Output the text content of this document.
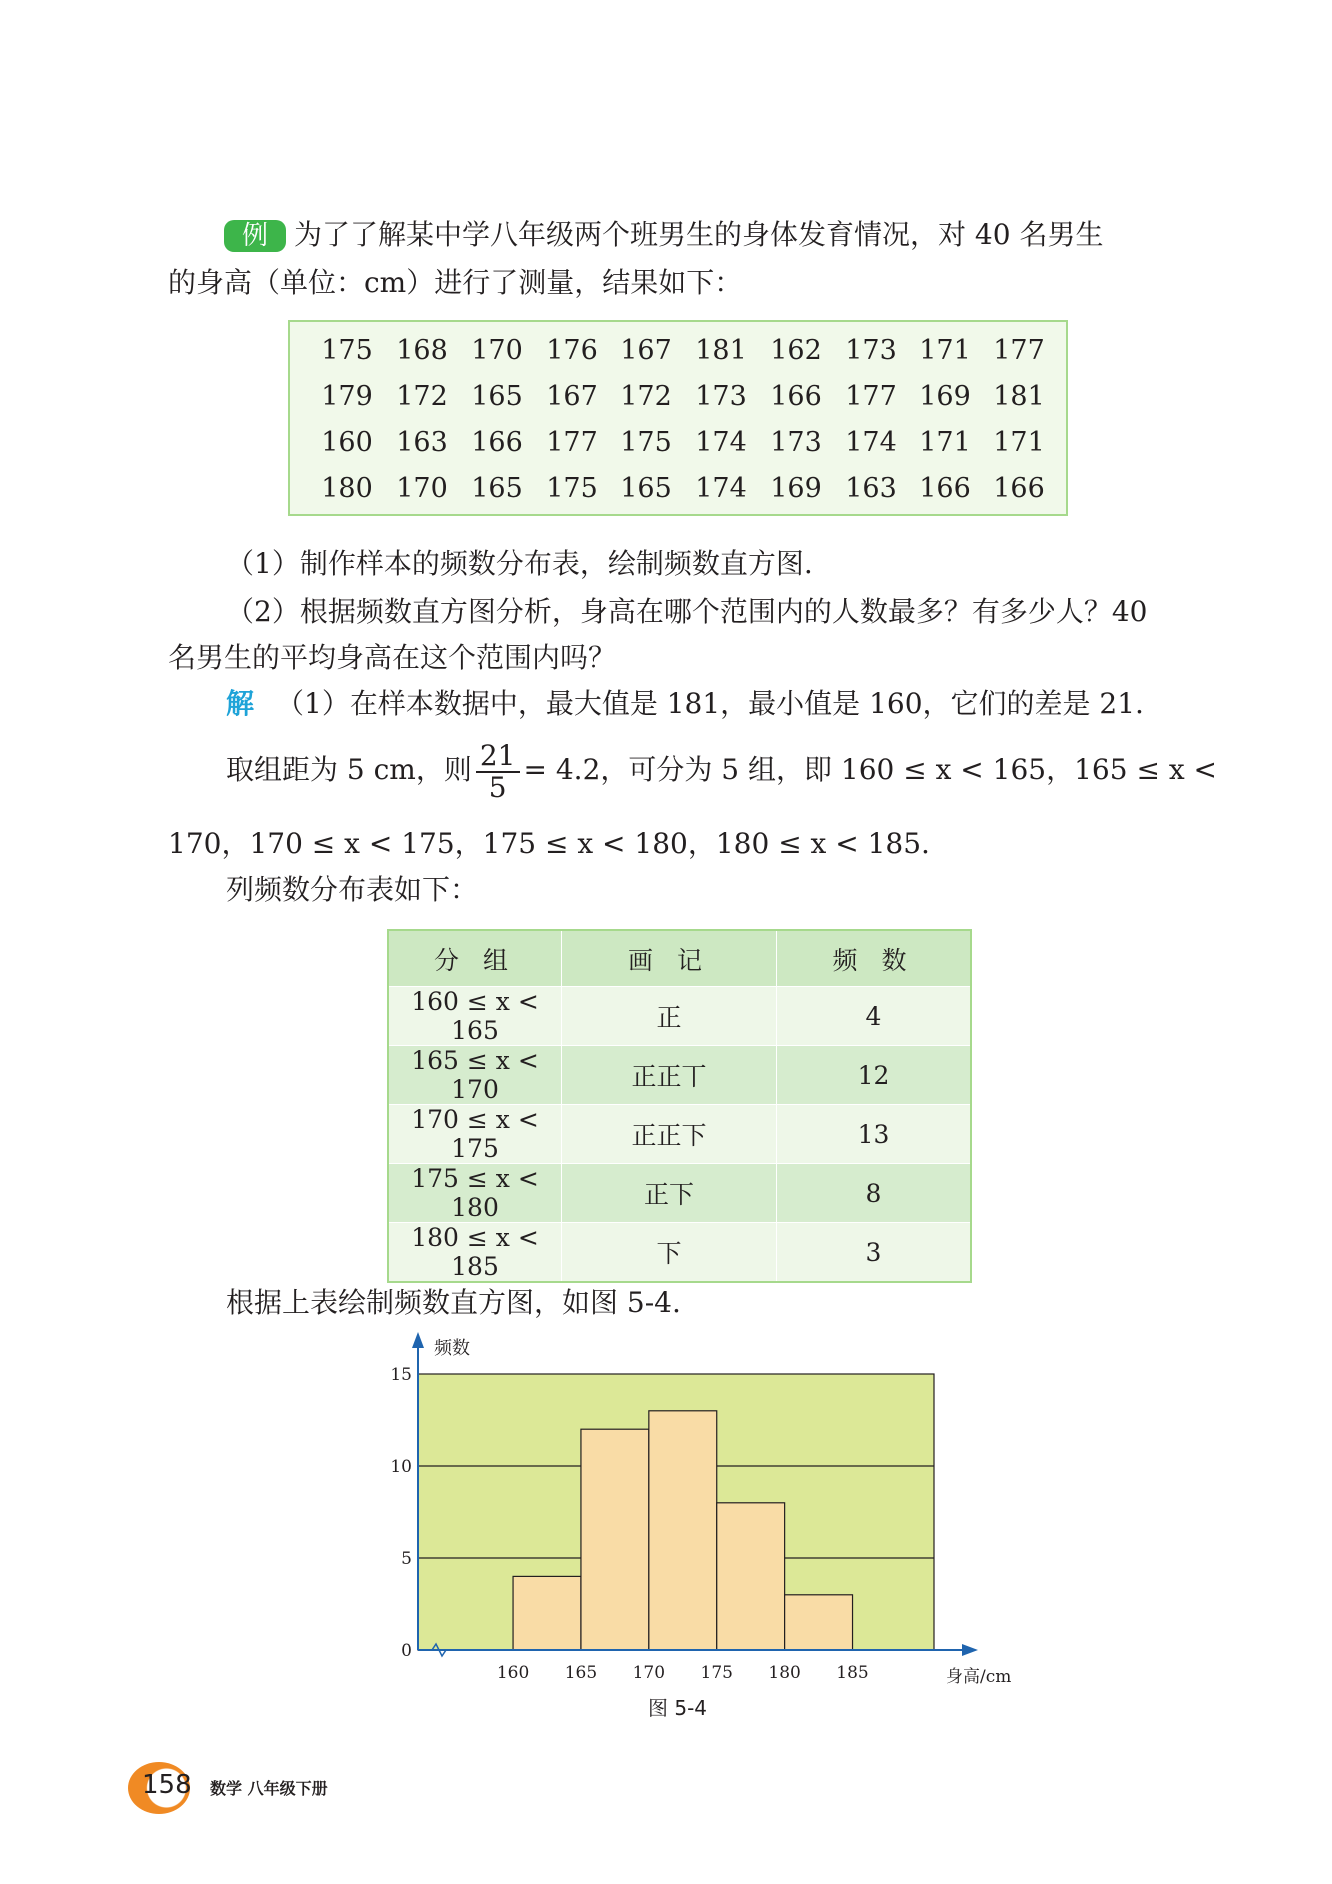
例 为了了解某中学八年级两个班男生的身体发育情况，对 40 名男生
的身高（单位：cm）进行了测量，结果如下：
175 168 170 176 167 181 162 173 171 177
179 172 165 167 172 173 166 177 169 181
160 163 166 177 175 174 173 174 171 171
180 170 165 175 165 174 169 163 166 166
（1）制作样本的频数分布表，绘制频数直方图.
（2）根据频数直方图分析，身高在哪个范围内的人数最多？有多少人？40
名男生的平均身高在这个范围内吗？
解 （1）在样本数据中，最大值是 181，最小值是 160，它们的差是 21.
取组距为 5 cm，则 $\frac{21}{5} = 4.2$，可分为 5 组，即 160 ≤ x < 165，165 ≤ x <
170，170 ≤ x < 175，175 ≤ x < 180，180 ≤ x < 185.
列频数分布表如下：
分 组	画 记	频 数
160 ≤ x < 165	正	4
165 ≤ x < 170	正正丅	12
170 ≤ x < 175	正正下	13
175 ≤ x < 180	正下	8
180 ≤ x < 185	下	3
根据上表绘制频数直方图，如图 5-4.
0
5
10
15
160 165 170 175 180 185
频数
身高/cm
图 5-4
158 数学 八年级下册
